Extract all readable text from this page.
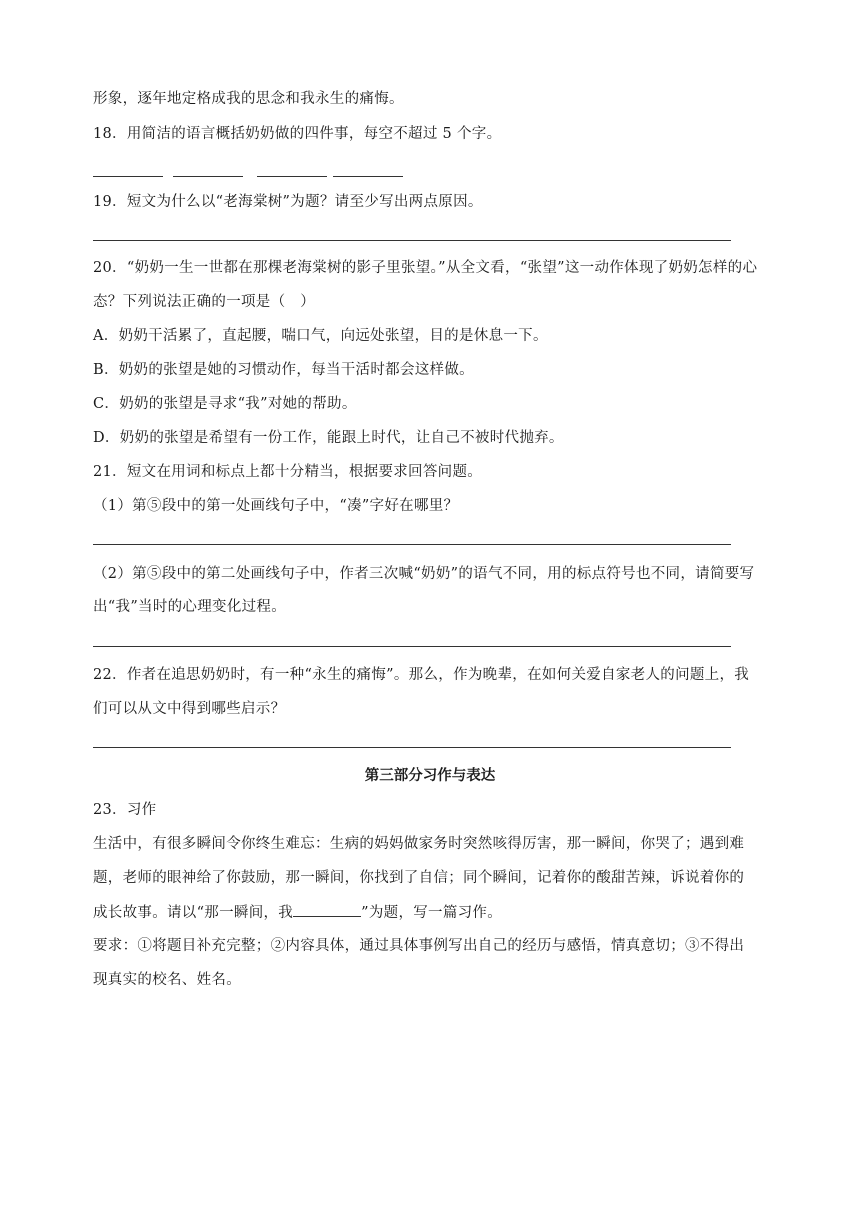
形象，逐年地定格成我的思念和我永生的痛悔。
18．用简洁的语言概括奶奶做的四件事，每空不超过 5 个字。
19．短文为什么以“老海棠树”为题？请至少写出两点原因。
20．“奶奶一生一世都在那棵老海棠树的影子里张望。”从全文看，“张望”这一动作体现了奶奶怎样的心
态？下列说法正确的一项是（　）
A．奶奶干活累了，直起腰，喘口气，向远处张望，目的是休息一下。
B．奶奶的张望是她的习惯动作，每当干活时都会这样做。
C．奶奶的张望是寻求“我”对她的帮助。
D．奶奶的张望是希望有一份工作，能跟上时代，让自己不被时代抛弃。
21．短文在用词和标点上都十分精当，根据要求回答问题。
（1）第⑤段中的第一处画线句子中，“凑”字好在哪里？
（2）第⑤段中的第二处画线句子中，作者三次喊“奶奶”的语气不同，用的标点符号也不同，请简要写
出“我”当时的心理变化过程。
22．作者在追思奶奶时，有一种“永生的痛悔”。那么，作为晚辈，在如何关爱自家老人的问题上，我
们可以从文中得到哪些启示？
第三部分习作与表达
23．习作
生活中，有很多瞬间令你终生难忘：生病的妈妈做家务时突然咳得厉害，那一瞬间，你哭了；遇到难
题，老师的眼神给了你鼓励，那一瞬间，你找到了自信；同个瞬间，记着你的酸甜苦辣，诉说着你的
成长故事。请以“那一瞬间，我	”为题，写一篇习作。
要求：①将题目补充完整；②内容具体，通过具体事例写出自己的经历与感悟，情真意切；③不得出
现真实的校名、姓名。
